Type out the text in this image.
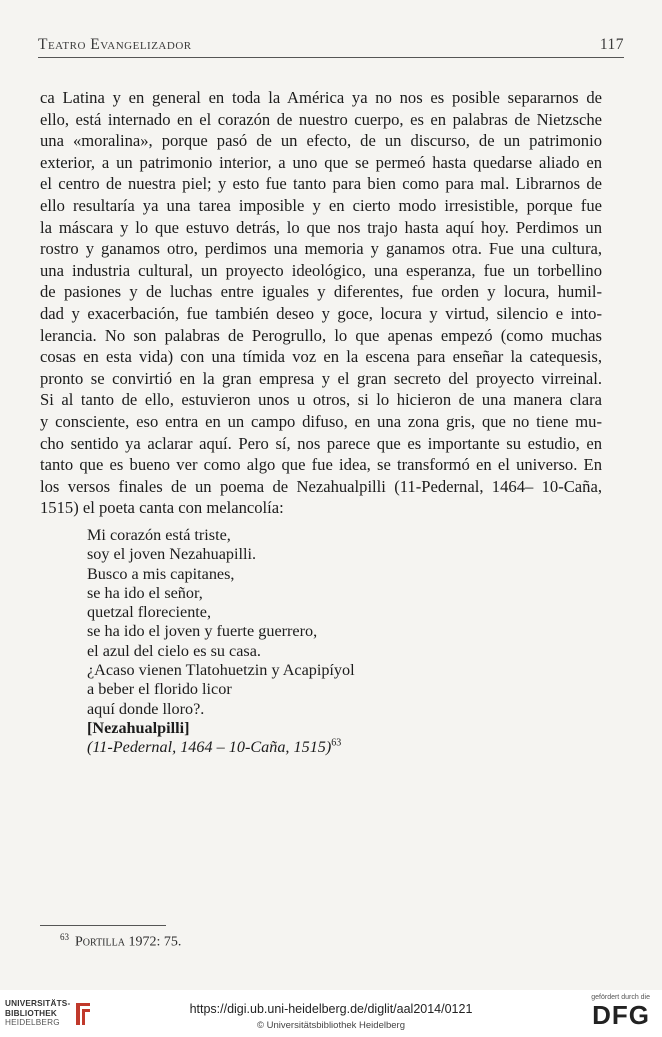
Teatro Evangelizador	117
ca Latina y en general en toda la América ya no nos es posible separarnos de
ello, está internado en el corazón de nuestro cuerpo, es en palabras de Nietzsche
una «moralina», porque pasó de un efecto, de un discurso, de un patrimonio
exterior, a un patrimonio interior, a uno que se permeó hasta quedarse aliado en
el centro de nuestra piel; y esto fue tanto para bien como para mal. Librarnos de
ello resultaría ya una tarea imposible y en cierto modo irresistible, porque fue
la máscara y lo que estuvo detrás, lo que nos trajo hasta aquí hoy. Perdimos un
rostro y ganamos otro, perdimos una memoria y ganamos otra. Fue una cultura,
una industria cultural, un proyecto ideológico, una esperanza, fue un torbellino
de pasiones y de luchas entre iguales y diferentes, fue orden y locura, humil-
dad y exacerbación, fue también deseo y goce, locura y virtud, silencio e into-
lerancia. No son palabras de Perogrullo, lo que apenas empezó (como muchas
cosas en esta vida) con una tímida voz en la escena para enseñar la catequesis,
pronto se convirtió en la gran empresa y el gran secreto del proyecto virreinal.
Si al tanto de ello, estuvieron unos u otros, si lo hicieron de una manera clara
y consciente, eso entra en un campo difuso, en una zona gris, que no tiene mu-
cho sentido ya aclarar aquí. Pero sí, nos parece que es importante su estudio, en
tanto que es bueno ver como algo que fue idea, se transformó en el universo. En
los versos finales de un poema de Nezahualpilli (11-Pedernal, 1464– 10-Caña,
1515) el poeta canta con melancolía:
Mi corazón está triste,
soy el joven Nezahuapilli.
Busco a mis capitanes,
se ha ido el señor,
quetzal floreciente,
se ha ido el joven y fuerte guerrero,
el azul del cielo es su casa.
¿Acaso vienen Tlatohuetzin y Acapipíyol
a beber el florido licor
aquí donde lloro?.
[Nezahualpilli]
(11-Pedernal, 1464 – 10-Caña, 1515)$^{63}$
$^{63}$ Portilla 1972: 75.
UNIVERSITÄTS-
BIBLIOTHEK
HEIDELBERG
https://digi.ub.uni-heidelberg.de/diglit/aal2014/0121
© Universitätsbibliothek Heidelberg
gefördert durch die
DFG
